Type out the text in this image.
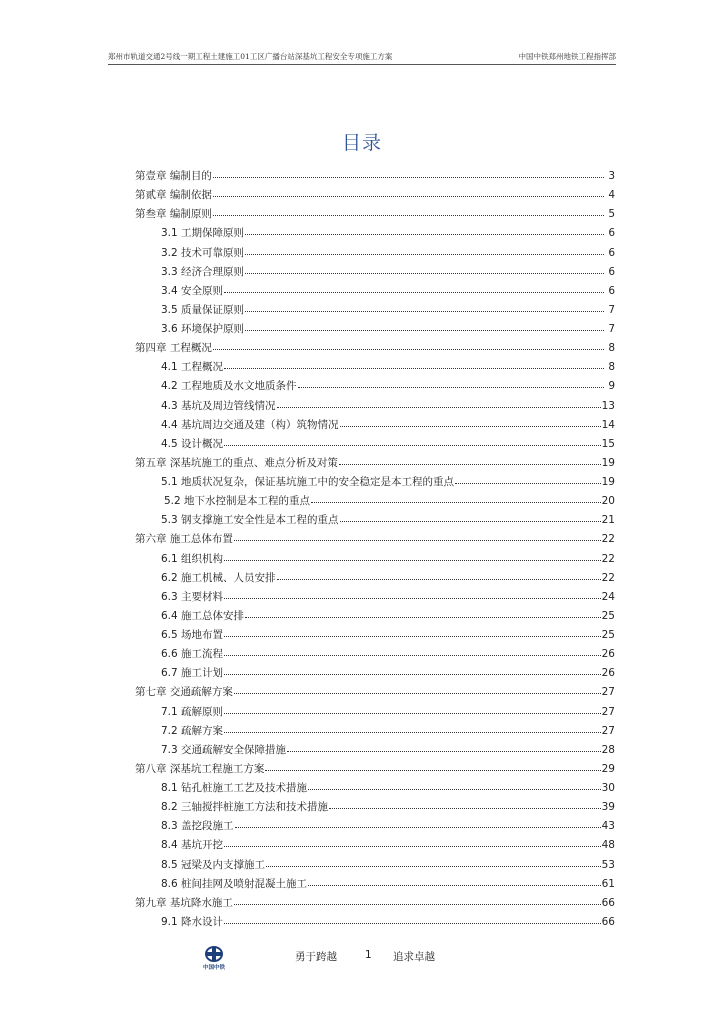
郑州市轨道交通2号线一期工程土建施工01工区广播台站深基坑工程安全专项施工方案	中国中铁郑州地铁工程指挥部
目录
第壹章 编制目的	3
第贰章 编制依据	4
第叁章 编制原则	5
3.1 工期保障原则	6
3.2 技术可靠原则	6
3.3 经济合理原则	6
3.4 安全原则	6
3.5 质量保证原则	7
3.6 环境保护原则	7
第四章 工程概况	8
4.1 工程概况	8
4.2 工程地质及水文地质条件	9
4.3 基坑及周边管线情况	13
4.4 基坑周边交通及建（构）筑物情况	14
4.5 设计概况	15
第五章 深基坑施工的重点、难点分析及对策	19
5.1 地质状况复杂，保证基坑施工中的安全稳定是本工程的重点	19
5.2 地下水控制是本工程的重点	20
5.3 钢支撑施工安全性是本工程的重点	21
第六章 施工总体布置	22
6.1 组织机构	22
6.2 施工机械、人员安排	22
6.3 主要材料	24
6.4 施工总体安排	25
6.5 场地布置	25
6.6 施工流程	26
6.7 施工计划	26
第七章 交通疏解方案	27
7.1 疏解原则	27
7.2 疏解方案	27
7.3 交通疏解安全保障措施	28
第八章 深基坑工程施工方案	29
8.1 钻孔桩施工工艺及技术措施	30
8.2 三轴搅拌桩施工方法和技术措施	39
8.3 盖挖段施工	43
8.4 基坑开挖	48
8.5 冠梁及内支撑施工	53
8.6 桩间挂网及喷射混凝土施工	61
第九章 基坑降水施工	66
9.1 降水设计	66
中国中铁
勇于跨越	1 追求卓越
